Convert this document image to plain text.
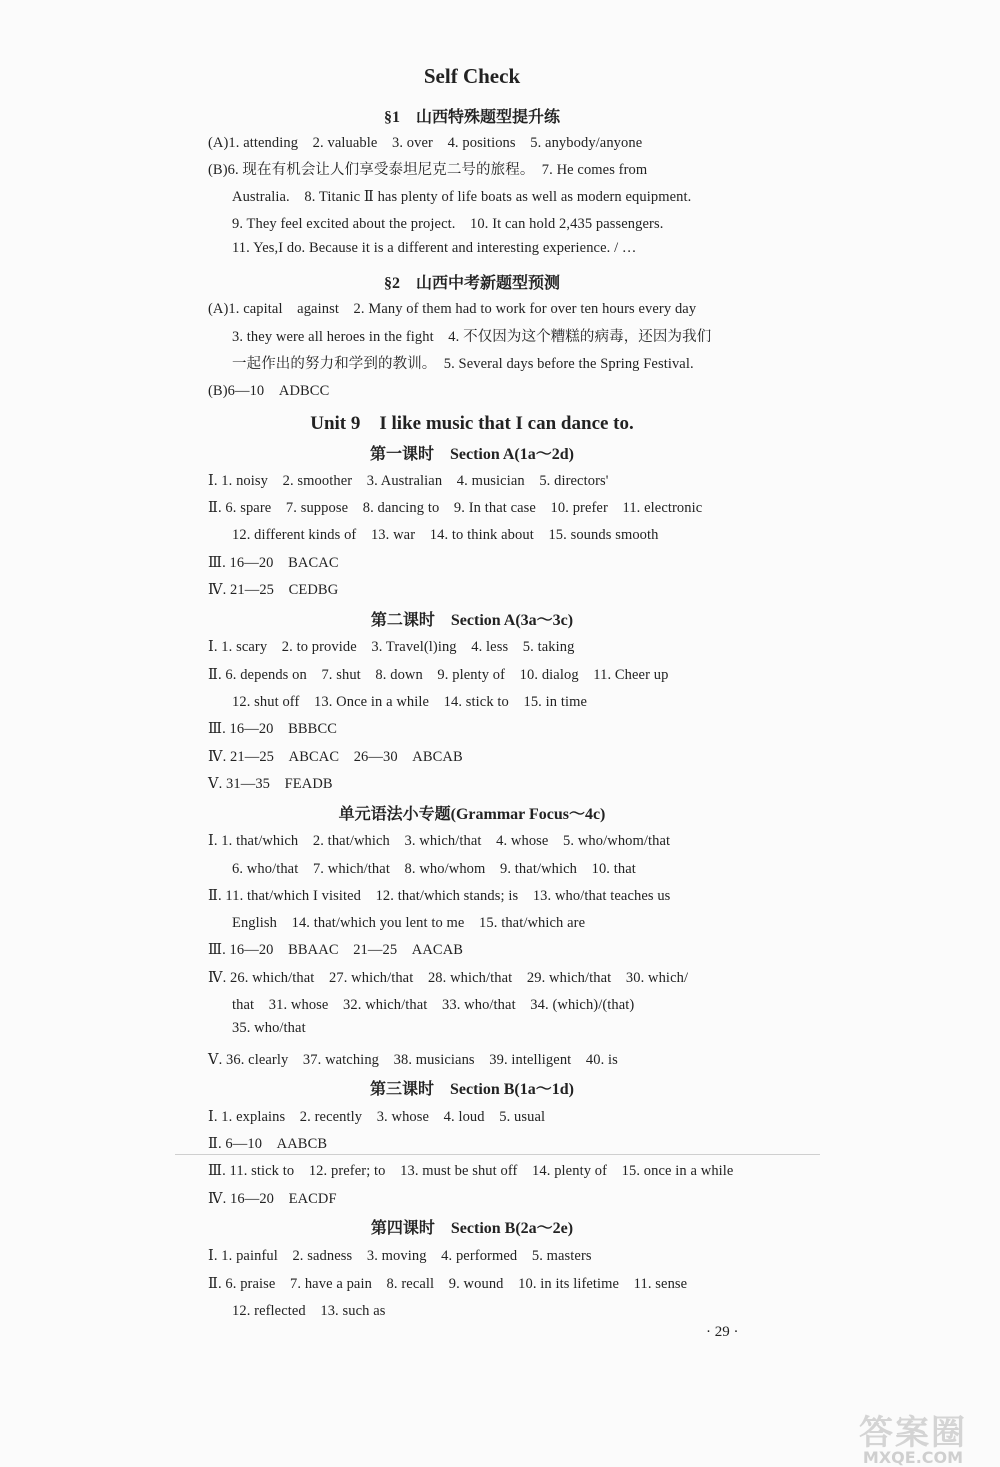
Self Check
§1　山西特殊题型提升练
(A)1. attending　2. valuable　3. over　4. positions　5. anybody/anyone
(B)6. 现在有机会让人们享受泰坦尼克二号的旅程。　7. He comes from
Australia.　8. Titanic Ⅱ has plenty of life boats as well as modern equipment.
9. They feel excited about the project.　10. It can hold 2,435 passengers.
11. Yes,I do. Because it is a different and interesting experience. / …
§2　山西中考新题型预测
(A)1. capital　against　2. Many of them had to work for over ten hours every day
3. they were all heroes in the fight　4. 不仅因为这个糟糕的病毒，还因为我们
一起作出的努力和学到的教训。　5. Several days before the Spring Festival.
(B)6—10　ADBCC
Unit 9　I like music that I can dance to.
第一课时　Section A(1a～2d)
Ⅰ. 1. noisy　2. smoother　3. Australian　4. musician　5. directors'
Ⅱ. 6. spare　7. suppose　8. dancing to　9. In that case　10. prefer　11. electronic
12. different kinds of　13. war　14. to think about　15. sounds smooth
Ⅲ. 16—20　BACAC
Ⅳ. 21—25　CEDBG
第二课时　Section A(3a～3c)
Ⅰ. 1. scary　2. to provide　3. Travel(l)ing　4. less　5. taking
Ⅱ. 6. depends on　7. shut　8. down　9. plenty of　10. dialog　11. Cheer up
12. shut off　13. Once in a while　14. stick to　15. in time
Ⅲ. 16—20　BBBCC
Ⅳ. 21—25　ABCAC　26—30　ABCAB
Ⅴ. 31—35　FEADB
单元语法小专题(Grammar Focus～4c)
Ⅰ. 1. that/which　2. that/which　3. which/that　4. whose　5. who/whom/that
6. who/that　7. which/that　8. who/whom　9. that/which　10. that
Ⅱ. 11. that/which I visited　12. that/which stands; is　13. who/that teaches us
English　14. that/which you lent to me　15. that/which are
Ⅲ. 16—20　BBAAC　21—25　AACAB
Ⅳ. 26. which/that　27. which/that　28. which/that　29. which/that　30. which/
that　31. whose　32. which/that　33. who/that　34. (which)/(that)
35. who/that
Ⅴ. 36. clearly　37. watching　38. musicians　39. intelligent　40. is
第三课时　Section B(1a～1d)
Ⅰ. 1. explains　2. recently　3. whose　4. loud　5. usual
Ⅱ. 6—10　AABCB
Ⅲ. 11. stick to　12. prefer; to　13. must be shut off　14. plenty of　15. once in a while
Ⅳ. 16—20　EACDF
第四课时　Section B(2a～2e)
Ⅰ. 1. painful　2. sadness　3. moving　4. performed　5. masters
Ⅱ. 6. praise　7. have a pain　8. recall　9. wound　10. in its lifetime　11. sense
12. reflected　13. such as
· 29 ·
答案圈
MXQE.COM
